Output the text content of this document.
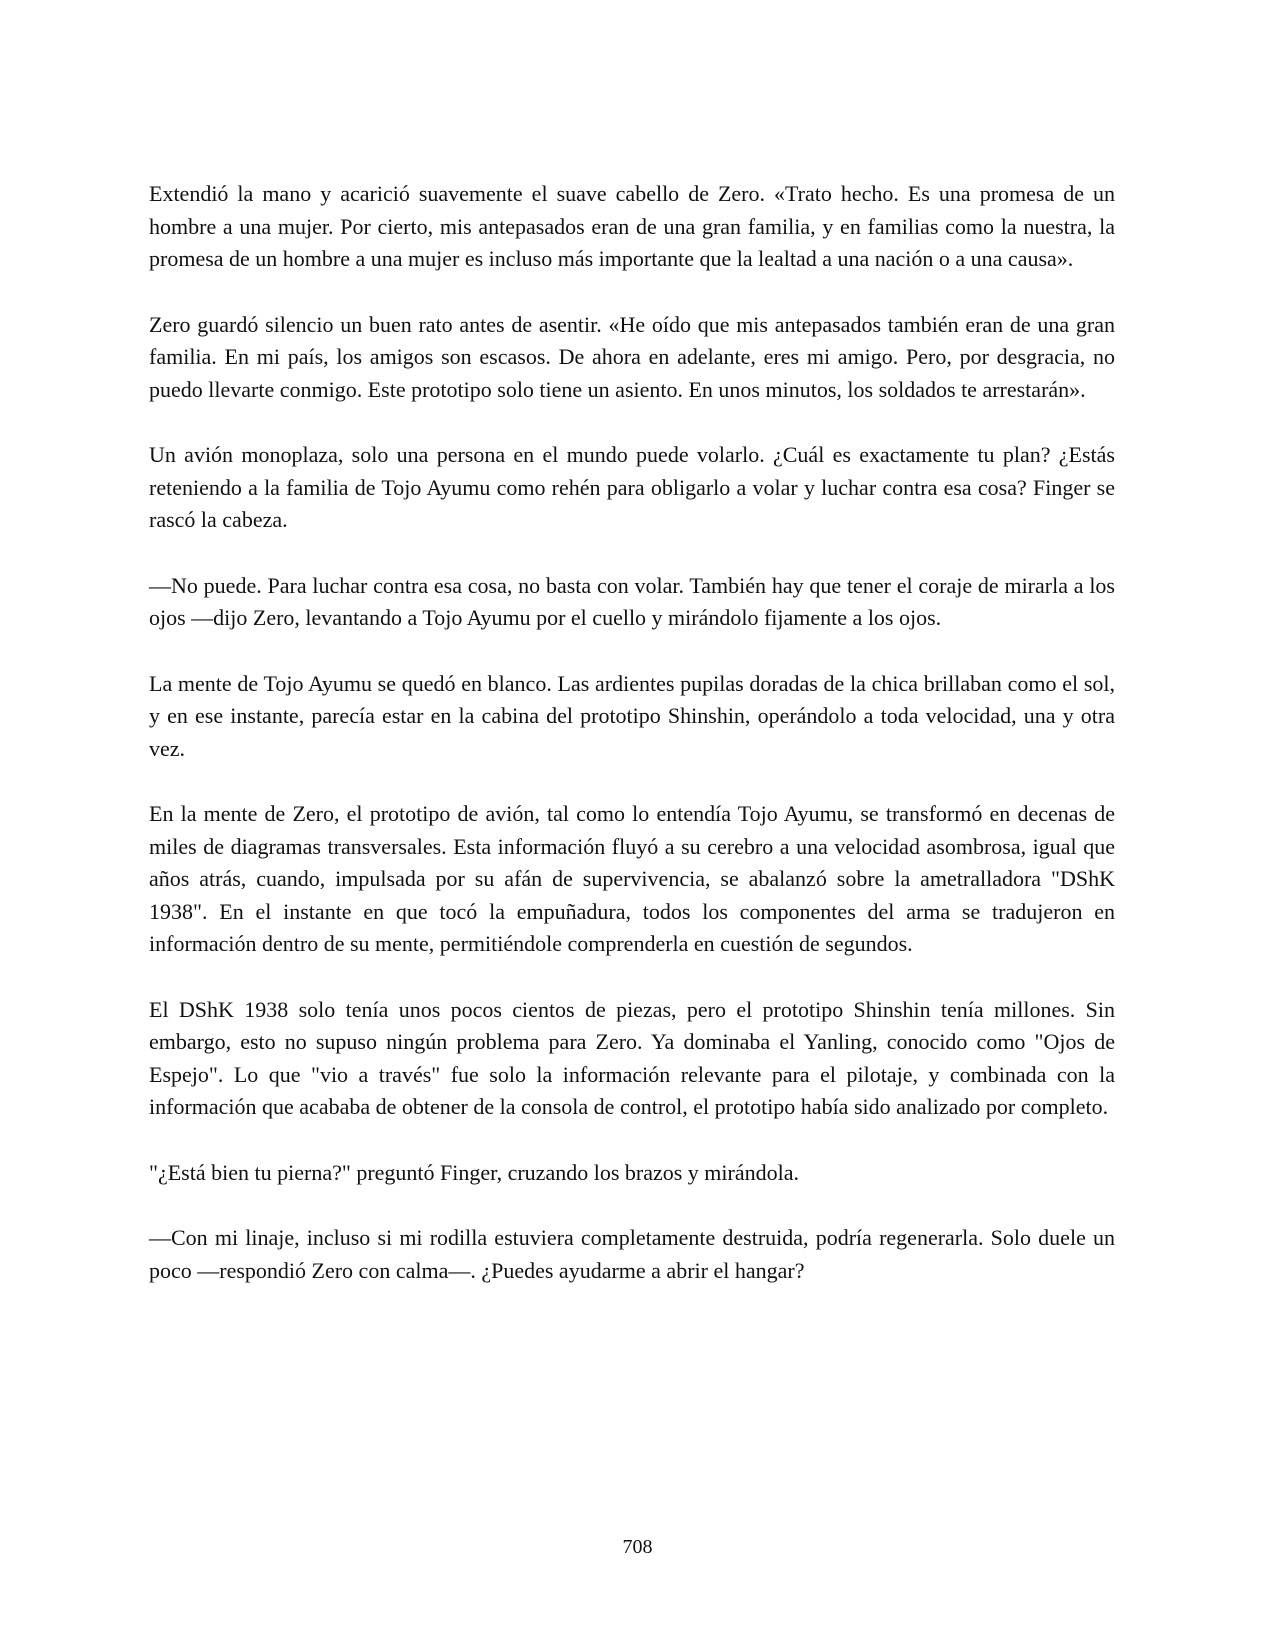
Extendió la mano y acarició suavemente el suave cabello de Zero. «Trato hecho. Es una promesa de un hombre a una mujer. Por cierto, mis antepasados eran de una gran familia, y en familias como la nuestra, la promesa de un hombre a una mujer es incluso más importante que la lealtad a una nación o a una causa».

Zero guardó silencio un buen rato antes de asentir. «He oído que mis antepasados también eran de una gran familia. En mi país, los amigos son escasos. De ahora en adelante, eres mi amigo. Pero, por desgracia, no puedo llevarte conmigo. Este prototipo solo tiene un asiento. En unos minutos, los soldados te arrestarán».

Un avión monoplaza, solo una persona en el mundo puede volarlo. ¿Cuál es exactamente tu plan? ¿Estás reteniendo a la familia de Tojo Ayumu como rehén para obligarlo a volar y luchar contra esa cosa? Finger se rascó la cabeza.

—No puede. Para luchar contra esa cosa, no basta con volar. También hay que tener el coraje de mirarla a los ojos —dijo Zero, levantando a Tojo Ayumu por el cuello y mirándolo fijamente a los ojos.

La mente de Tojo Ayumu se quedó en blanco. Las ardientes pupilas doradas de la chica brillaban como el sol, y en ese instante, parecía estar en la cabina del prototipo Shinshin, operándolo a toda velocidad, una y otra vez.

En la mente de Zero, el prototipo de avión, tal como lo entendía Tojo Ayumu, se transformó en decenas de miles de diagramas transversales. Esta información fluyó a su cerebro a una velocidad asombrosa, igual que años atrás, cuando, impulsada por su afán de supervivencia, se abalanzó sobre la ametralladora "DShK 1938". En el instante en que tocó la empuñadura, todos los componentes del arma se tradujeron en información dentro de su mente, permitiéndole comprenderla en cuestión de segundos.

El DShK 1938 solo tenía unos pocos cientos de piezas, pero el prototipo Shinshin tenía millones. Sin embargo, esto no supuso ningún problema para Zero. Ya dominaba el Yanling, conocido como "Ojos de Espejo". Lo que "vio a través" fue solo la información relevante para el pilotaje, y combinada con la información que acababa de obtener de la consola de control, el prototipo había sido analizado por completo.

"¿Está bien tu pierna?" preguntó Finger, cruzando los brazos y mirándola.

—Con mi linaje, incluso si mi rodilla estuviera completamente destruida, podría regenerarla. Solo duele un poco —respondió Zero con calma—. ¿Puedes ayudarme a abrir el hangar?

708
